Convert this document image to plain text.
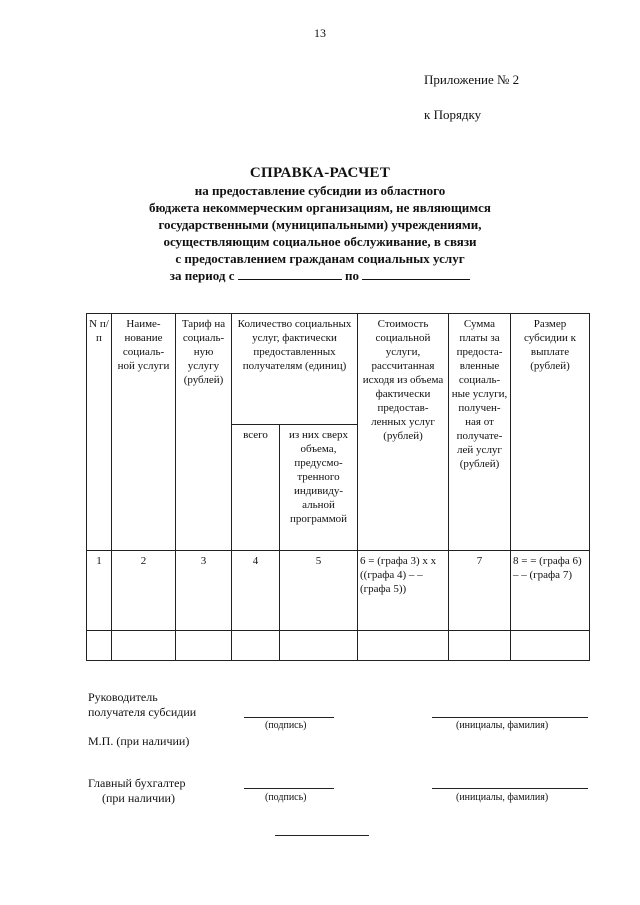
13
Приложение № 2
к Порядку
СПРАВКА-РАСЧЕТ
на предоставление субсидии из областного
бюджета некоммерческим организациям, не являющимся
государственными (муниципальными) учреждениями,
осуществляющим социальное обслуживание, в связи
с предоставлением гражданам социальных услуг
за период с	по
N п/п	Наиме- нование социаль- ной услуги	Тариф на социаль- ную услугу (рублей)	Количество социальных услуг, фактически предоставленных получателям (единиц)		Стоимость социальной услуги, рассчитанная исходя из объема фактически предостав- ленных услуг (рублей)	Сумма платы за предоста- вленные социаль- ные услуги, получен- ная от получате- лей услуг (рублей)	Размер субсидии к выплате (рублей)
			всего	из них сверх объема, предусмо- тренного индивиду- альной программой			
1	2	3	4	5	6 = (графа 3) x x ((графа 4) – – (графа 5))	7	8 = = (графа 6) – – (графа 7)

Руководитель
получателя субсидии
(подпись)	(инициалы, фамилия)
М.П. (при наличии)
Главный бухгалтер
(при наличии)	(подпись)	(инициалы, фамилия)
